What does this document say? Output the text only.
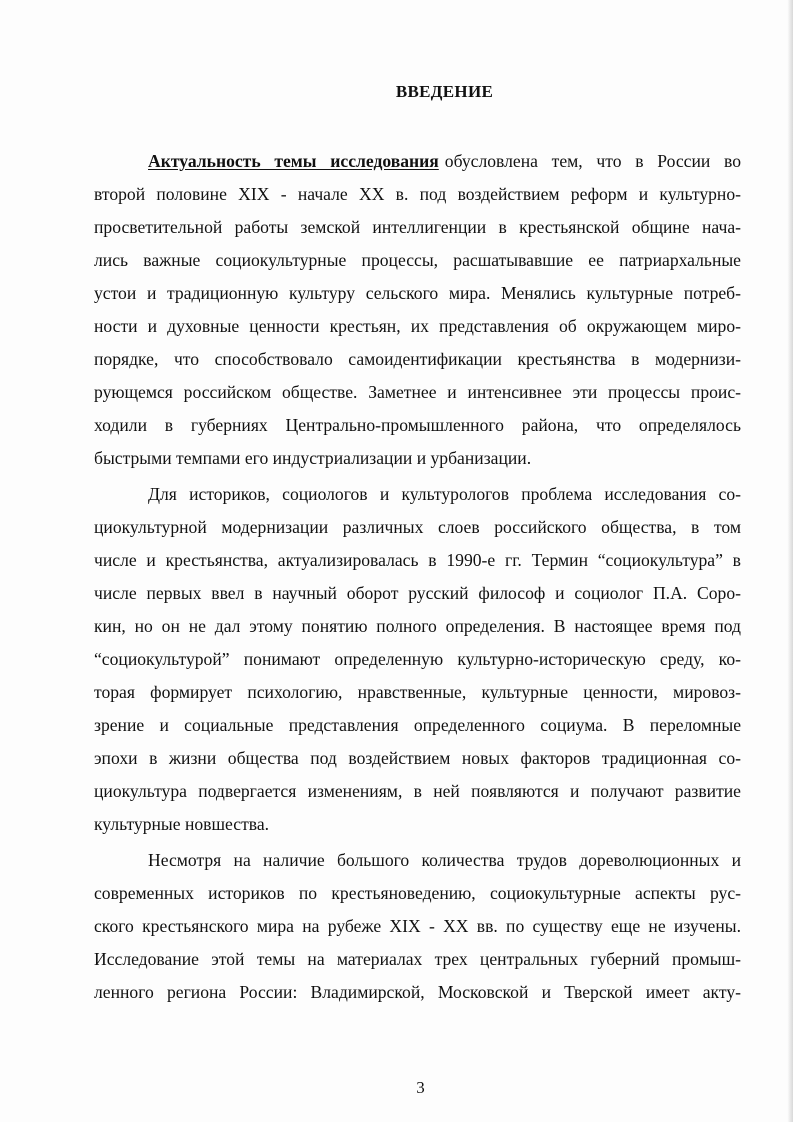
ВВЕДЕНИЕ
Актуальность темы исследования обусловлена тем, что в России во
второй половине XIX - начале XX в. под воздействием реформ и культурно-
просветительной работы земской интеллигенции в крестьянской общине нача-
лись важные социокультурные процессы, расшатывавшие ее патриархальные
устои и традиционную культуру сельского мира. Менялись культурные потреб-
ности и духовные ценности крестьян, их представления об окружающем миро-
порядке, что способствовало самоидентификации крестьянства в модернизи-
рующемся российском обществе. Заметнее и интенсивнее эти процессы проис-
ходили в губерниях Центрально-промышленного района, что определялось
быстрыми темпами его индустриализации и урбанизации.
Для историков, социологов и культурологов проблема исследования со-
циокультурной модернизации различных слоев российского общества, в том
числе и крестьянства, актуализировалась в 1990-е гг. Термин “социокультура” в
числе первых ввел в научный оборот русский философ и социолог П.А. Соро-
кин, но он не дал этому понятию полного определения. В настоящее время под
“социокультурой” понимают определенную культурно-историческую среду, ко-
торая формирует психологию, нравственные, культурные ценности, мировоз-
зрение и социальные представления определенного социума. В переломные
эпохи в жизни общества под воздействием новых факторов традиционная со-
циокультура подвергается изменениям, в ней появляются и получают развитие
культурные новшества.
Несмотря на наличие большого количества трудов дореволюционных и
современных историков по крестьяноведению, социокультурные аспекты рус-
ского крестьянского мира на рубеже XIX - XX вв. по существу еще не изучены.
Исследование этой темы на материалах трех центральных губерний промыш-
ленного региона России: Владимирской, Московской и Тверской имеет акту-
3
